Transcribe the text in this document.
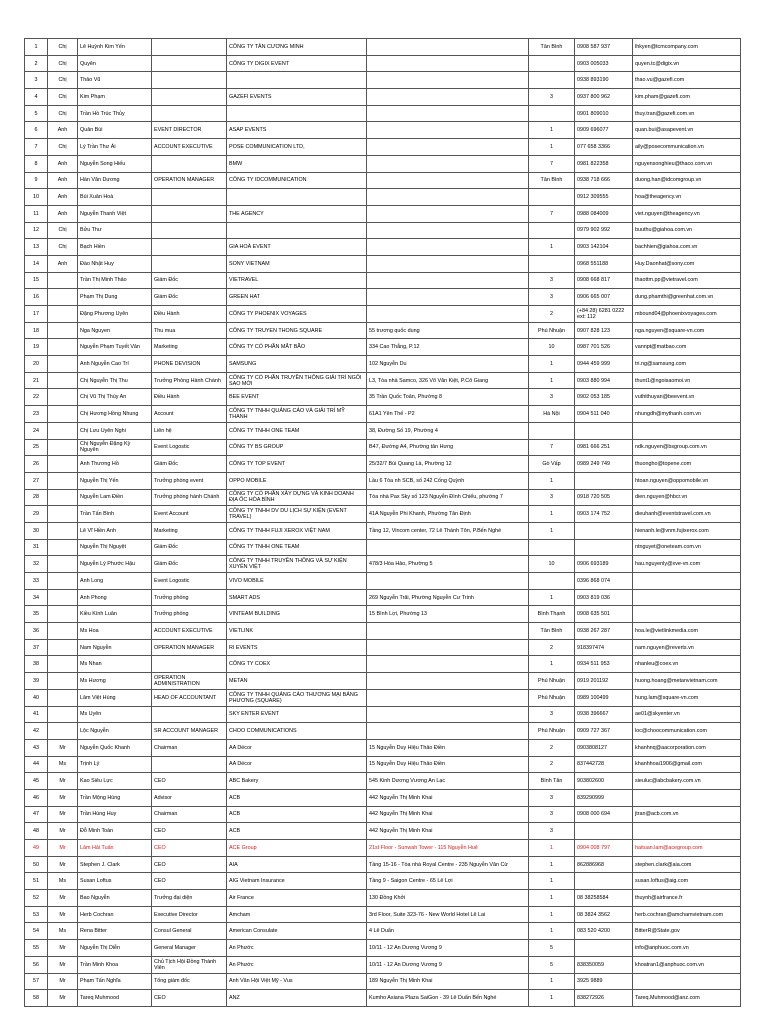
1	Chị	Lê Huỳnh Kim Yến		CÔNG TY TÂN CƯƠNG MINH		Tân Bình	0908 587 937	lhkyen@tcmcompany.com
2	Chị	Quyên		CÔNG TY DIGIX EVENT			0903 005033	quyen.tc@digix.vn
3	Chị	Thảo Vũ					0938 893190	thao.vu@gazefi.com
4	Chị	Kim Phạm		GAZEFI EVENTS		3	0937 800 962	kim.pham@gazefi.com
5	Chị	Trần Hồ Trúc Thủy					0901 809010	thuy.tran@gazefi.com.vn
6	Anh	Quân Bùi	EVENT DIRECTOR	ASAP EVENTS		1	0909 696077	quan.bui@asapevent.vn
7	Chị	Lý Trần Thư Ái	ACCOUNT EXECUTIVE	POSE COMMUNICATION LTD,		1	077 658 3366	aily@posecommunication.vn
8	Anh	Nguyễn Song Hiếu		BMW		7	0981 822358	nguyensonghieu@thaco.com.vn
9	Anh	Hàn Văn Dương	OPERATION MANAGER	CÔNG TY IDCOMMUNICATION		Tân Bình	0938 718 666	duong.han@idcomgroup.vn
10	Anh	Bùi Xuân Hoà					0912 309555	hoa@theagency.vn
11	Anh	Nguyễn Thanh Việt		THE AGENCY		7	0988 084009	viet.nguyen@theagency.vn
12	Chị	Bửu Thư					0979 902 992	buuthu@giahoa.com.vn
13	Chị	Bạch Hiền		GIA HOÀ EVENT		1	0903 142104	bachhien@giahoa.com.vn
14	Anh	Đào Nhật Huy		SONY VIETNAM			0968 551188	Huy.Daonhat@sony.com
15		Trần Thị Minh Thảo	Giám Đốc	VIETRAVEL		3	0908 668 817	thaottm.pp@vietravel.com
16		Phạm Thị Dung	Giám Đốc	GREEN HAT		3	0906 665 007	dung.phamthi@greenhat.com.vn
17		Đặng Phương Uyên	Điều Hành	CÔNG TY PHOENIX VOYAGES		2	(+84 28) 6281 0222 ext: 112	mbound04@phoenixvoyages.com
18		Nga Nguyen	Thu mua	CÔNG TY TRUYEN THONG SQUARE	55 trương quốc dung	Phú Nhuận	0907 828 123	nga.nguyen@square-vn.com
19		Nguyễn Phạm Tuyết Vân	Marketing	CÔNG TY CỔ PHẦN MẮT BÃO	334 Cao Thắng, P.12	10	0987 701 526	vannpt@matbao.com
20		Anh Nguyễn Cao Trí	PHONE DEVISION	SAMSUNG	102 Nguyễn Du	1	0944 459 999	tri.ng@samsung.com
21		Chị Nguyễn Thị Thu	Trưởng Phòng Hành Chánh	CÔNG TY CỔ PHẦN TRUYỀN THÔNG GIẢI TRÍ NGÔI SAO MỚI	L3, Tòa nhà Samco, 326 Võ Văn Kiệt, P.Cô Giang	1	0903 880 994	thunt1@ngoisaomoi.vn
22		Chị Vũ Thị Thùy An	Điều Hành	BEE EVENT	35 Trần Quốc Toản, Phường 8	3	0902 053 185	vuthithuyan@beevent.vn
23		Chị Hương Hồng Nhung	Account	CÔNG TY TNHH QUẢNG CÁO VÀ GIẢI TRÍ MỸ THANH	61A1 Yên Thế - P2	Hà Nội	0904 511 040	nhungdh@mythanh.com.vn
24		Chị Lưu Uyên Nghi	Liên hệ	CÔNG TY TNHH ONE TEAM	38, Đường Số 19, Phường 4			
25		Chị Nguyễn Đặng Kỳ Nguyên	Event Logostic	CÔNG TY BS GROUP	B47, Đường A4, Phường tân Hưng	7	0981 666 251	ndk.nguyen@bsgroup.com.vn
26		Anh Thương Hồ	Giám Đốc	CÔNG TY TOP EVENT	25/32/7 Bùi Quang Là, Phường 12	Gò Vấp	0989 249 749	thuongho@topene.com
27		Nguyễn Thị Yến	Trưởng phòng event	OPPO MOBILE	Lầu 6 Tòa nh SCB, số 242 Cống Quỳnh	1		htoan.nguyen@oppomobile.vn
28		Nguyễn Lam Điền	Trưởng phòng hành Chánh	CÔNG TY CỔ PHẦN XÂY DỰNG VÀ KINH DOANH ĐỊA ỐC HÒA BÌNH	Tòa nhà Pax Sky số 123 Nguyễn Đình Chiểu, phường 7	3	0918 720 505	dien.nguyen@hbcr.vn
29		Trần Tấn Bình	Event Account	CÔNG TY TNHH DV DU LỊCH SỰ KIỆN (EVENT TRAVEL)	41A Nguyễn Phi Khanh, Phường Tân Định	1	0903 174 752	dieuhanh@eventstravel.com.vn
30		Lê Vĩ Hiền Anh	Marketing	CÔNG TY TNHH FUJI XEROX VIỆT NAM	Tầng 12, Vincom center, 72 Lê Thánh Tôn, P.Bến Nghé	1		hienanh.le@vnm.fujixerox.com
31		Nguyễn Thị Nguyệt	Giám Đốc	CÔNG TY TNHH ONE TEAM				ntnguyet@oneteam.com.vn
32		Nguyễn Lý Phước Hậu	Giám Đốc	CÔNG TY TNHH TRUYỀN THÔNG VÀ SỰ KIỆN XUYÊN VIỆT	478/3 Hòa Hảo, Phường 5	10	0906 693189	hau.nguyenly@xve-vn.com
33		Anh Long	Event Logostic	VIVO MOBILE			0396 868 074	
34		Anh Phong	Trưởng phòng	SMART ADS	269 Nguyễn Trãi, Phường Nguyễn Cư Trinh	1	0903 819 036	
35		Kiều Kính Luân	Trưởng phòng	VINTEAM BUILDING	15 Bình Lợi, Phường 13	Bình Thạnh	0908 635 501	
36		Ms Hoa	ACCOUNT EXECUTIVE	VIETLINK		Tân Bình	0938 267 287	hoa.le@vietlinkmedia.com
37		Nam Nguyễn	OPERATION MANAGER	RI EVENTS		2	918397474	nam.nguyen@reverts.vn
38		Ms Nhan		CÔNG TY COEX		1	0934 511 953	nhanleu@coex.vn
39		Ms Hương	OPERATION ADMINISTRATION	METAN		Phú Nhuận	0919 201192	huong.hoang@metanvietnam.com
40		Lâm Việt Hùng	HEAD OF ACCOUNTANT	CÔNG TY TNHH QUẢNG CÁO THƯƠNG MẠI BẢNG PHƯƠNG (SQUARE)		Phú Nhuận	0989 100499	hung.lam@square-vn.com
41		Ms Uyên		SKY ENTER EVENT		3	0938 396667	ae01@skyenter.vn
42		Lộc Nguyễn	SR ACCOUNT MANAGER	CHOO COMMUNICATIONS		Phú Nhuận	0909 727 367	loc@choocommunication.com
43	Mr	Nguyễn Quốc Khanh	Chairman	AA Décor	15 Nguyễn Duy Hiệu Thảo Điền	2	0903808127	khanhnq@aacorporation.com
44	Ms	Trịnh Lý		AA Décor	15 Nguyễn Duy Hiệu Thảo Điền	2	837442728	khanhhoai1906@gmail.com
45	Mr	Kao Siêu Lực	CEO	ABC Bakery	545 Kinh Dương Vương An Lạc	Bình Tân	903802600	sieuluc@abcbakery.com.vn
46	Mr	Trần Mộng Hùng	Advisor	ACB	442 Nguyễn Thị Minh Khai	3	839290999	
47	Mr	Trần Hùng Huy	Chairman	ACB	442 Nguyễn Thị Minh Khai	3	0908 000 694	jtran@acb.com.vn
48	Mr	Đỗ Minh Toàn	CEO	ACB	442 Nguyễn Thị Minh Khai	3		
49	Mr	Lâm Hải Tuấn	CEO	ACE Group	21st Floor - Sunwah Tower - 115 Nguyễn Huệ	1	0904 008 797	haituan.lam@acegroup.com
50	Mr	Stephen J. Clark	CEO	AIA	Tầng 15-16 - Tòa nhà Royal Centre - 235 Nguyễn Văn Cừ	1	862886968	stephen.clark@aia.com
51	Ms	Susan Loftus	CEO	AIG Vietnam Insurance	Tầng 9 - Saigon Centre - 65 Lê Lợi	1		susan.loftus@aig.com
52	Mr	Bao Nguyễn	Trưởng đại diện	Air France	130 Đồng Khởi	1	08 38258584	thuynh@airfrance.fr
53	Mr	Herb Cochran	Executive Director	Amcham	3rd Floor, Suite 323-76 - New World Hotel Lê Lai	1	08 3824 3562	herb.cochran@amchamvietnam.com
54	Ms	Rena Bitter	Consul General	American Consulate	4 Lê Duẩn	1	083 520 4200	BitterR@State.gov
55	Mr	Nguyễn Thị Diễn	General Manager	An Phước	10/11 - 12 An Dương Vương 9	5		info@anphuoc.com.vn
56	Mr	Trần Minh Khoa	Chủ Tịch Hội Đồng Thành Viên	An Phước	10/11 - 12 An Dương Vương 9	5	838350059	khoatran1@anphuoc.com.vn
57	Mr	Phạm Tấn Nghĩa	Tổng giám đốc	Anh Văn Hội Việt Mỹ - Vus	189 Nguyễn Thị Minh Khai	1	3925 9889	
58	Mr	Tareq Muhmood	CEO	ANZ	Kumho Asiana Plaza SaiGon - 39 Lê Duẩn Bến Nghé	1	838272926	Tareq.Muhmood@anz.com
